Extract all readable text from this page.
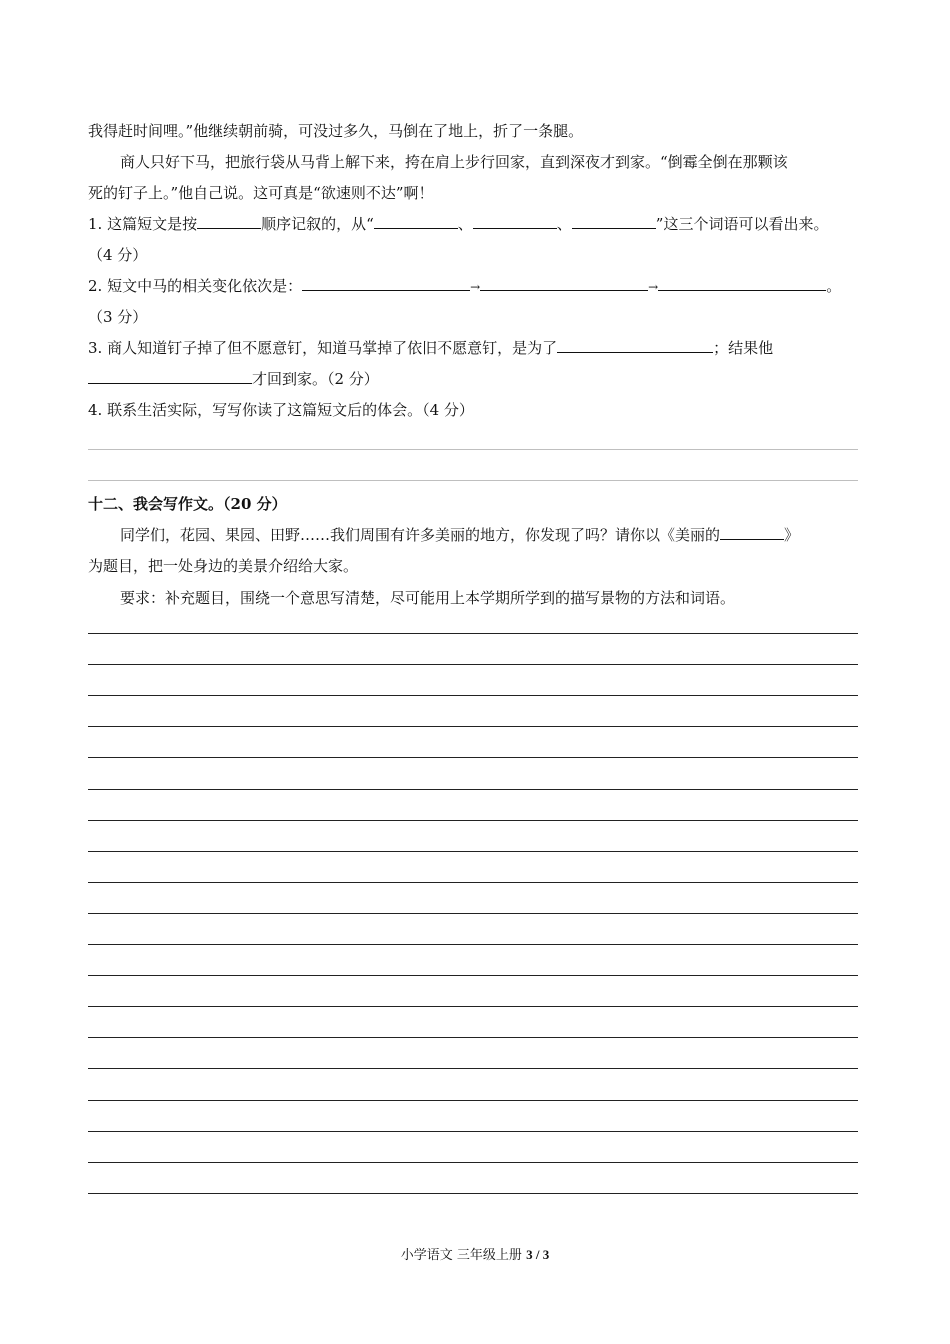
我得赶时间哩。”他继续朝前骑，可没过多久，马倒在了地上，折了一条腿。
商人只好下马，把旅行袋从马背上解下来，挎在肩上步行回家，直到深夜才到家。“倒霉全倒在那颗该
死的钉子上。”他自己说。这可真是“欲速则不达”啊！
1. 这篇短文是按	顺序记叙的，从“	、	、	”这三个词语可以看出来。
（4 分）
2. 短文中马的相关变化依次是：	→	→	。
（3 分）
3. 商人知道钉子掉了但不愿意钉，知道马掌掉了依旧不愿意钉，是为了	；结果他
才回到家。（2 分）
4. 联系生活实际，写写你读了这篇短文后的体会。（4 分）
十二、我会写作文。（20 分）
同学们，花园、果园、田野……我们周围有许多美丽的地方，你发现了吗？请你以《美丽的	》
为题目，把一处身边的美景介绍给大家。
要求：补充题目，围绕一个意思写清楚，尽可能用上本学期所学到的描写景物的方法和词语。
小学语文 三年级上册 3 / 3
